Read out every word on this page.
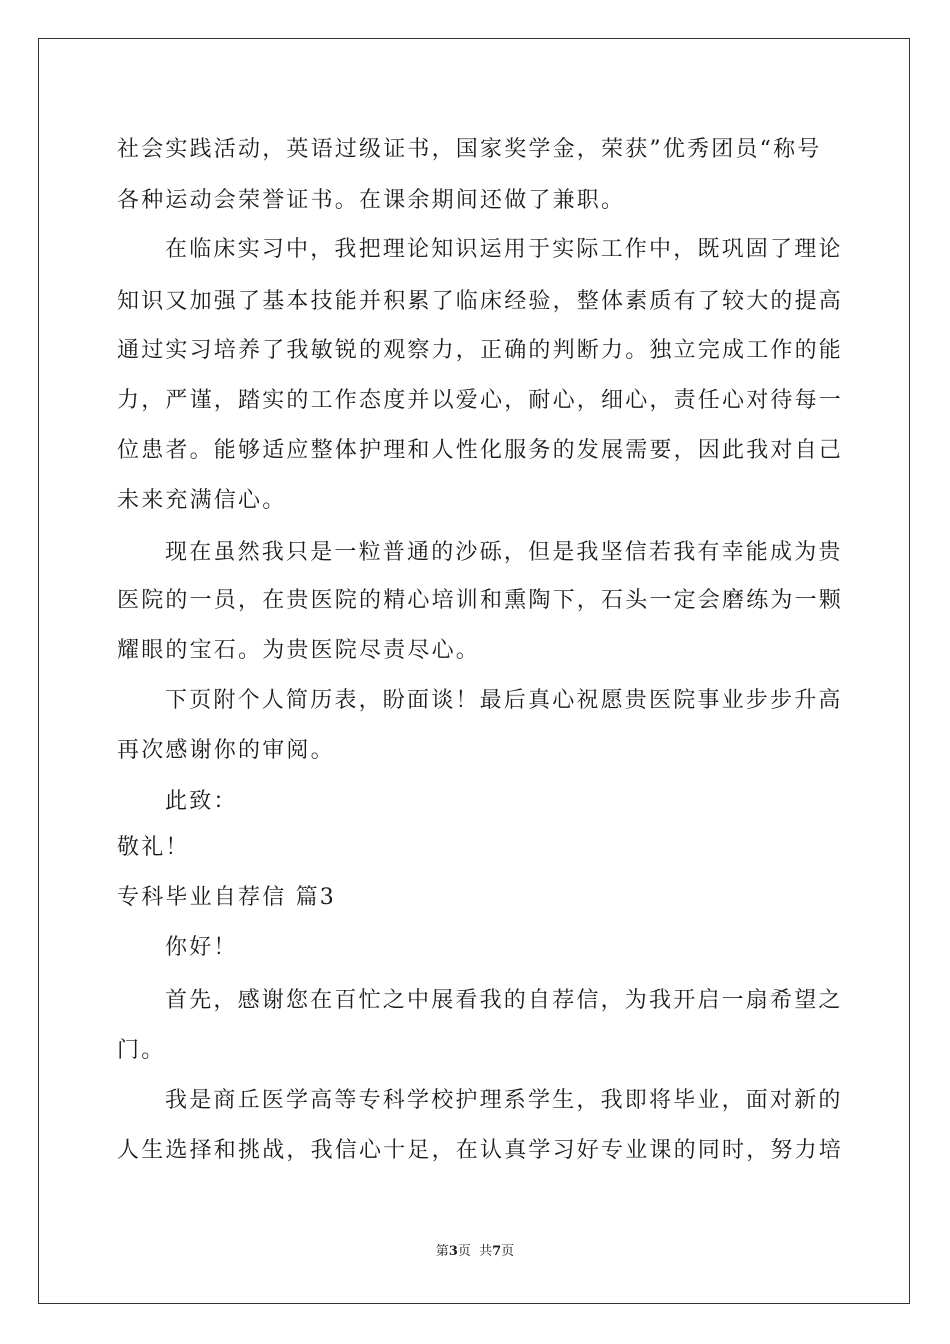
社会实践活动，英语过级证书，国家奖学金，荣获”优秀团员“称号
各种运动会荣誉证书。在课余期间还做了兼职。
在临床实习中，我把理论知识运用于实际工作中，既巩固了理论
知识又加强了基本技能并积累了临床经验，整体素质有了较大的提高
通过实习培养了我敏锐的观察力，正确的判断力。独立完成工作的能
力，严谨，踏实的工作态度并以爱心，耐心，细心，责任心对待每一
位患者。能够适应整体护理和人性化服务的发展需要，因此我对自己
未来充满信心。
现在虽然我只是一粒普通的沙砾，但是我坚信若我有幸能成为贵
医院的一员，在贵医院的精心培训和熏陶下，石头一定会磨练为一颗
耀眼的宝石。为贵医院尽责尽心。
下页附个人简历表，盼面谈！最后真心祝愿贵医院事业步步升高
再次感谢你的审阅。
此致：
敬礼！
专科毕业自荐信 篇3
你好！
首先，感谢您在百忙之中展看我的自荐信，为我开启一扇希望之
门。
我是商丘医学高等专科学校护理系学生，我即将毕业，面对新的
人生选择和挑战，我信心十足，在认真学习好专业课的同时，努力培
第3页  共7页
